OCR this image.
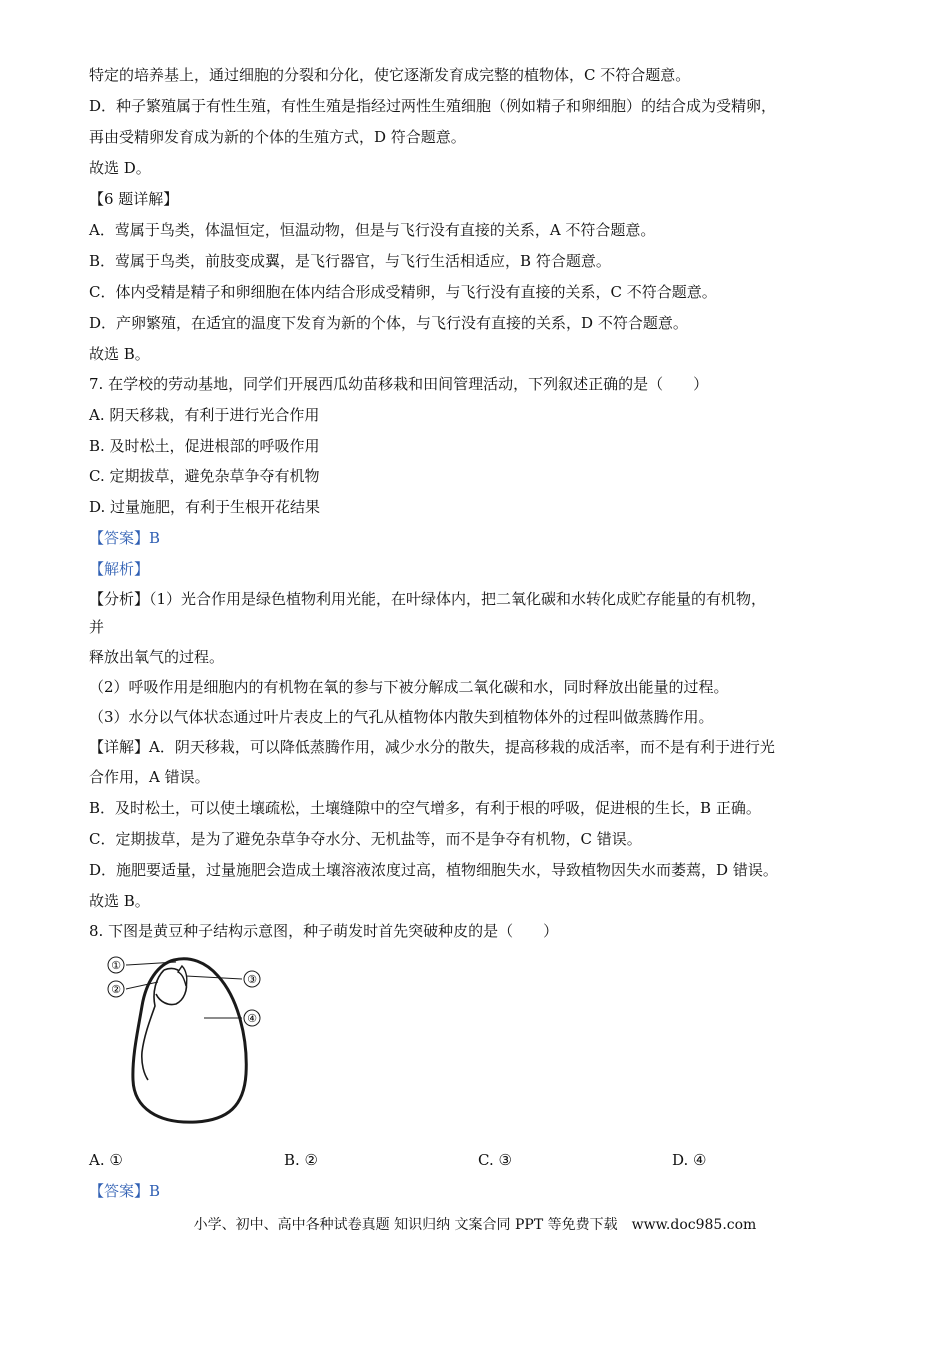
特定的培养基上，通过细胞的分裂和分化，使它逐渐发育成完整的植物体，C 不符合题意。
D．种子繁殖属于有性生殖，有性生殖是指经过两性生殖细胞（例如精子和卵细胞）的结合成为受精卵，
再由受精卵发育成为新的个体的生殖方式，D 符合题意。
故选 D。
【6 题详解】
A．莺属于鸟类，体温恒定，恒温动物，但是与飞行没有直接的关系，A 不符合题意。
B．莺属于鸟类，前肢变成翼，是飞行器官，与飞行生活相适应，B 符合题意。
C．体内受精是精子和卵细胞在体内结合形成受精卵，与飞行没有直接的关系，C 不符合题意。
D．产卵繁殖，在适宜的温度下发育为新的个体，与飞行没有直接的关系，D 不符合题意。
故选 B。
7. 在学校的劳动基地，同学们开展西瓜幼苗移栽和田间管理活动，下列叙述正确的是（　　）
A. 阴天移栽，有利于进行光合作用
B. 及时松土，促进根部的呼吸作用
C. 定期拔草，避免杂草争夺有机物
D. 过量施肥，有利于生根开花结果
【答案】B
【解析】
【分析】（1）光合作用是绿色植物利用光能，在叶绿体内，把二氧化碳和水转化成贮存能量的有机物，
并
释放出氧气的过程。
（2）呼吸作用是细胞内的有机物在氧的参与下被分解成二氧化碳和水，同时释放出能量的过程。
（3）水分以气体状态通过叶片表皮上的气孔从植物体内散失到植物体外的过程叫做蒸腾作用。
【详解】A．阴天移栽，可以降低蒸腾作用，减少水分的散失，提高移栽的成活率，而不是有利于进行光
合作用，A 错误。
B．及时松土，可以使土壤疏松，土壤缝隙中的空气增多，有利于根的呼吸，促进根的生长，B 正确。
C．定期拔草，是为了避免杂草争夺水分、无机盐等，而不是争夺有机物，C 错误。
D．施肥要适量，过量施肥会造成土壤溶液浓度过高，植物细胞失水，导致植物因失水而萎蔫，D 错误。
故选 B。
8. 下图是黄豆种子结构示意图，种子萌发时首先突破种皮的是（　　）
①
②
③
④
A. ①	B. ②	C. ③	D. ④
【答案】B
小学、初中、高中各种试卷真题 知识归纳 文案合同 PPT 等免费下载　www.doc985.com
